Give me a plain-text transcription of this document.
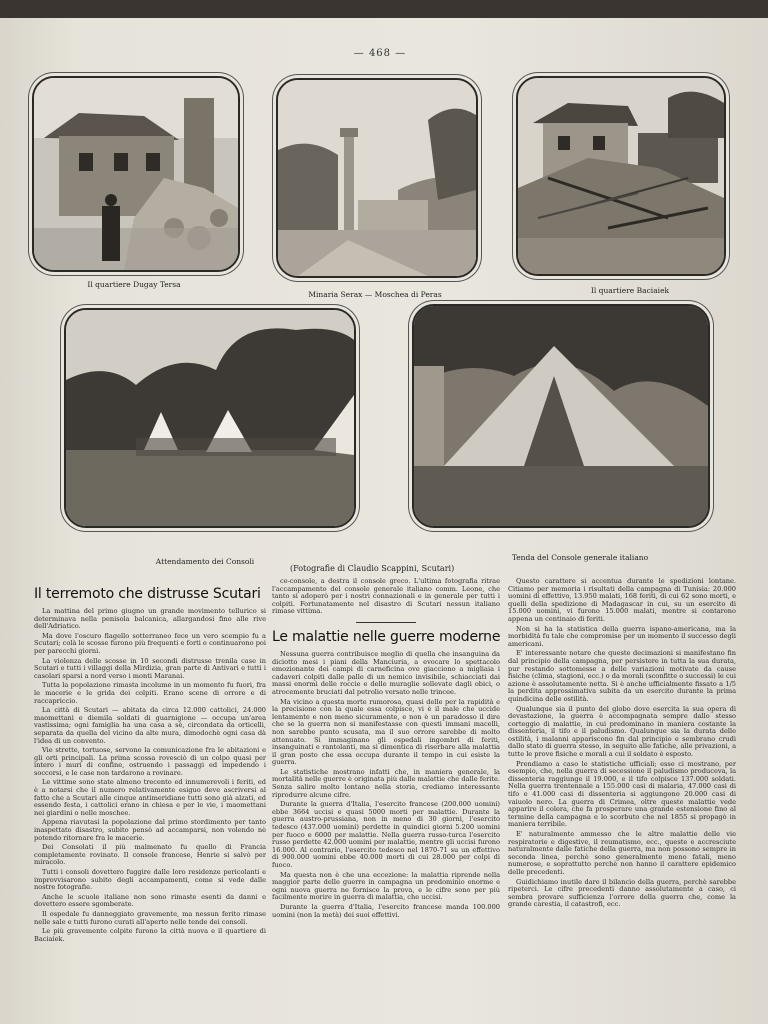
— 468 —
Il quartiere Dugay Tersa
Minaria Serax — Moschea di Peras	Il quartiere Baciaiek
Attendamento dei Consoli	Tenda del Console generale italiano
(Fotografie di Claudio Scappini, Scutari)
Il terremoto che distrusse Scutari

La mattina del primo giugno un grande movimento tellurico si determinava nella penisola balcanica, allargandosi fino alle rive dell'Adriatico.

Ma dove l'oscuro flagello sotterraneo fece un vero scempio fu a Scutari; colà le scosse furono più frequenti e forti e continuarono poi per parecchi giorni.

La violenza delle scosse in 10 secondi distrusse trenila case in Scutari e tutti i villaggi della Mirdizia, gran parte di Antivari e tutti i casolari sparsi a nord verso i monti Maranai.

Tutta la popolazione rimasta incolume in un momento fu fuori, fra le macerie e le grida dei colpiti. Erano scene di orrore e di raccapriccio.

La città di Scutari — abitata da circa 12.000 cattolici, 24.000 maomettani e diemila soldati di guarnigione — occupa un'area vastissima; ogni famiglia ha una casa a sè, circondata da orticelli, separata da quella del vicino da alte mura, dimodochè ogni casa dà l'idea di un convento.

Vie strette, tortuose, servono la comunicazione fra le abitazioni e gli orti principali. La prima scossa rovesciò di un colpo quasi per intero i muri di confine, ostruendo i passaggi ed impedendo i soccorsi, e le case non tardarono a rovinare.

Le vittime sono state almeno trecento ed innumerevoli i feriti, ed è a notarsi che il numero relativamente esiguo deve ascriversi al fatto che a Scutari alle cinque antimeridiane tutti sono già alzati, ed essendo festa, i cattolici erano in chiesa e per le vie, i maomettani nei giardini o nelle moschee.

Appena riavutasi la popolazione dal primo stordimento per tanto inaspettato disastro, subito pensò ad accamparsi, non volendo nè potendo ritornare fra le macerie.

Dei Consolati il più malmenato fu quello di Francia completamente rovinato. Il console francese, Henrie si salvò per miracolo.

Tutti i consoli dovettero fuggire dalle loro residenze pericolanti e improvvisarono subito degli accampamenti, come si vede dalle nostre fotografie.

Anche le scuole italiane non sono rimaste esenti da danni e dovettero essere sgomberate.

Il ospedale fu danneggiato gravemente, ma nessun ferito rimase nelle sale e tutti furono curati all'aperto nelle tende dei consoli.

Le più gravemente colpite furono la città nuova e il quartiere di Baciaiek.

ce-console, a destra il console greco. L'ultima fotografia ritrae l'accampamento del console generale italiano comm. Leone, che tanto si adoperò per i nostri connazionali e in generale per tutti i colpiti. Fortunatamente nel disastro di Scutari nessun italiano rimase vittima.

Le malattie nelle guerre moderne

Nessuna guerra contribuisce meglio di quella che insanguina da diciotto mesi i piani della Manciuria, a evocare lo spettacolo emozionante dei campi di carneficina ove giacciono a migliaia i cadaveri colpiti dalle palle di un nemico invisibile, schiacciati dai massi enormi delle roccie e delle muraglie sollevate dagli obici, o atrocemente bruciati dal petrolio versato nelle trincee.

Ma vicino a questa morte rumorosa, quasi delle per la rapidità e la precisione con la quale essa colpisce, vi è il male che uccide lentamente e non meno sicuramente, e non è un paradosso il dire che se la guerra non si manifestasse con questi immani macelli, non sarebbe punto scusata, ma il suo orrore sarebbe di molto attenuato. Si immaginano gli ospedali ingombri di feriti, insanguinati e rantolanti, ma si dimentica di riserbare alla malattia il gran posto che essa occupa durante il tempo in cui esiste la guerra.

Le statistiche mostrano infatti che, in maniera generale, la mortalità nelle guerre è originata più dalle malattie che dalle ferite. Senza salire molto lontano nella storia, crediamo interessante riprodurre alcune cifre.

Durante la guerra d'Italia, l'esercito francese (200.000 uomini) ebbe 3664 uccisi e quasi 5000 morti per malattie. Durante la guerra austro-prussiana, non in meno di 30 giorni, l'esercito tedesco (437.000 uomini) perdette in quindici giorni 5.200 uomini per fuoco e 6000 per malattie. Nella guerra russo-turca l'esercito russo perdette 42.000 uomini per malattie, mentre gli uccisi furono 16.000. Al contrario, l'esercito tedesco nel 1870-71 su un effettivo di 900.000 uomini ebbe 40.000 morti di cui 28.000 per colpi di fuoco.

Ma questa non è che una eccezione: la malattia riprende nella maggior parte delle guerre in campagna un predominio enorme e ogni nuova guerra ne fornisce la prova, e le cifre sono per più facilmente morire in guerra di malattia, che uccisi.

Durante la guerra d'Italia, l'esercito francese manda 100.000 uomini (non la metà) dei suoi effettivi.

Questo carattere si accentua durante le spedizioni lontane. Citiamo per memoria i risultati della campagna di Tunisia: 20.000 uomini di effettivo, 13.950 malati, 168 feriti, di cui 62 sono morti, e quelli della spedizione di Madagascar in cui, su un esercito di 15.000 uomini, vi furono 15.000 malati, mentre si contarono appena un centinaio di feriti.

Non si ha la statistica della guerra ispano-americana, ma la morbidità fu tale che compromise per un momento il successo degli americani.

E' interessante notare che queste decimazioni si manifestano fin dal principio della campagna, per persistere in tutta la sua durata, pur restando sottomesse a delle variazioni motivate da cause fisiche (clima, stagioni, ecc.) o da morali (sconfitte o successi) le cui azione è assolutamente netta. Si è anche ufficialmente fissato a 1/5 la perdita approssimativa subita da un esercito durante la prima quindicina delle ostilità.

Qualunque sia il punto del globo dove esercita la sua opera di devastazione, la guerra è accompagnata sempre dallo stesso corteggio di malattie, in cui predominano in maniera costante la dissenteria, il tifo e il paludismo. Qualunque sia la durata delle ostilità, i malanni appariscono fin dal principio e sembrano crudi dallo stato di guerra stesso, in seguito alle fatiche, alle privazioni, a tutte le prove fisiche e morali a cui il soldato è esposto.

Prendiamo a caso le statistiche ufficiali; esse ci mostrano, per esempio, che, nella guerra di secessione il paludismo produceva, la dissenteria raggiunge il 19.000, e il tifo colpisce 137.000 soldati. Nella guerra trentennale a 155.000 casi di malaria, 47.000 casi di tifo e 41.000 casi di dissenteria si aggiungono 20.000 casi di vaiuolo nero. La guerra di Crimea, oltre queste malattie vede apparire il colera, che fa prosperare una grande estensione fino al termine della campagna e lo scorbuto che nel 1855 si propagò in maniera terribile.

E' naturalmente ammesso che le altre malattie delle vie respiratorie e digestive, il reumatismo, ecc., queste e accresciute naturalmente dalle fatiche della guerra, ma non possono sempre in seconda linea, perchè sono generalmente meno fatali, meno numerose, e soprattutto perchè non hanno il carattere epidemico delle precedenti.

Guidichiamo inutile dare il bilancio della guerra, perchè sarebbe ripeterci. Le cifre precedenti danno assolutamente a caso, ci sembra provare sufficienza l'orrore della guerra che, come la grande carestia, il catastrofi, ecc.
